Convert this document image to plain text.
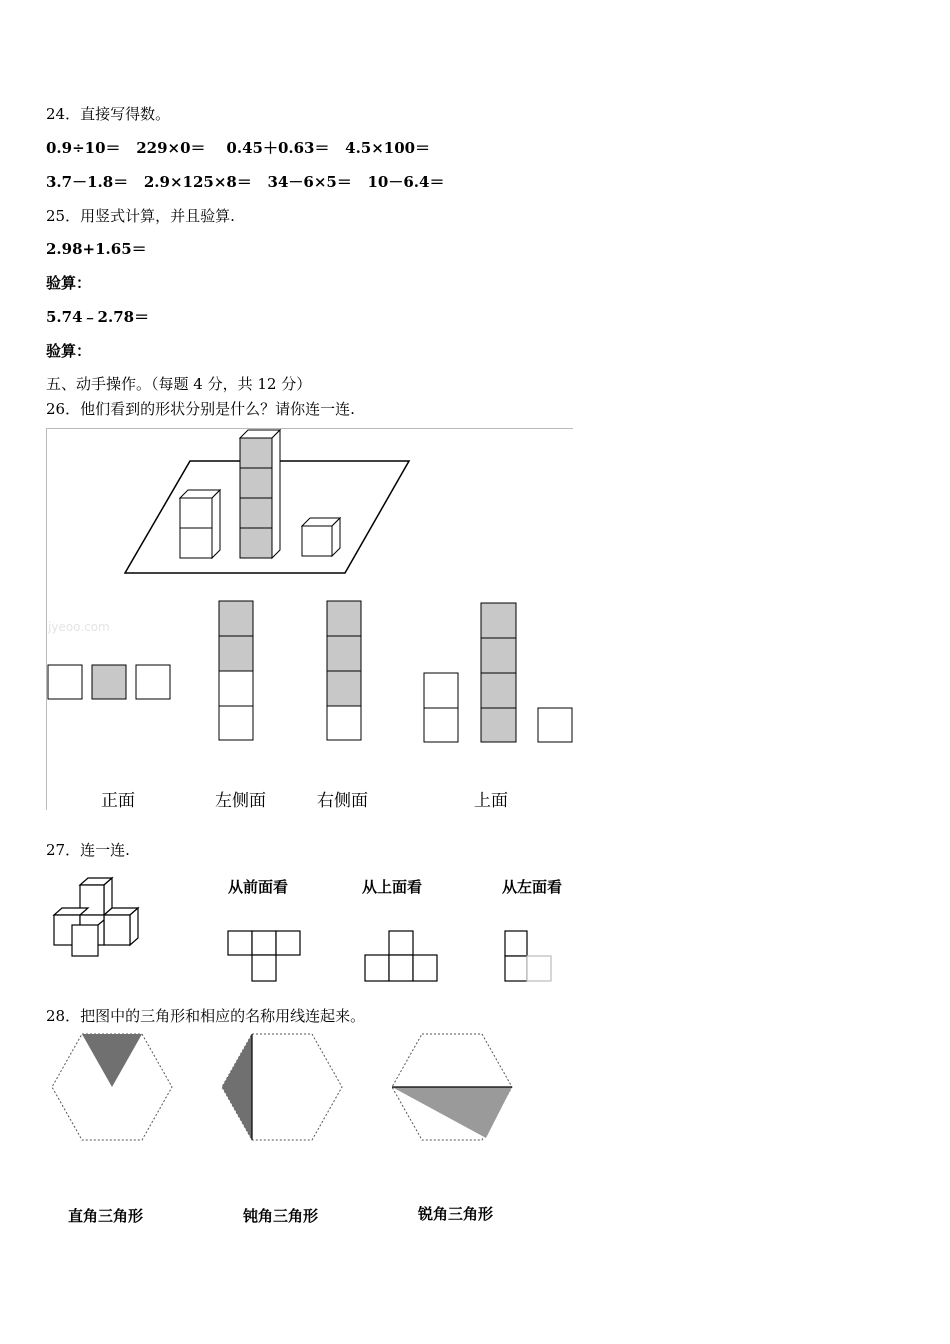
24．直接写得数。
0.9÷10＝   229×0＝    0.45＋0.63＝   4.5×100＝
3.7－1.8＝   2.9×125×8＝   34－6×5＝   10－6.4＝
25．用竖式计算，并且验算.
2.98+1.65＝
验算：
5.74﹣2.78＝
验算：
五、动手操作。（每题 4 分，共 12 分）
26．他们看到的形状分别是什么？请你连一连.
jyeoo.com
正面	左侧面	右侧面	上面
27．连一连.
从前面看	从上面看	从左面看
28．把图中的三角形和相应的名称用线连起来。
直角三角形	钝角三角形	锐角三角形
